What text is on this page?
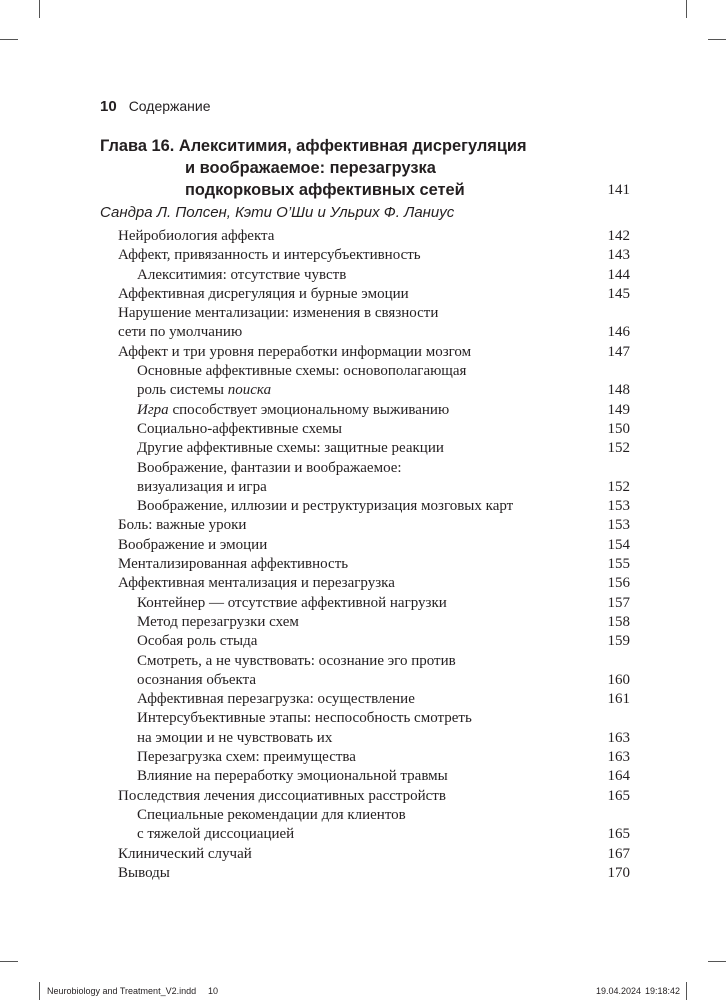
10 Содержание
Глава 16. Алекситимия, аффективная дисрегуляция
и воображаемое: перезагрузка
подкорковых аффективных сетей	141
Сандра Л. Полсен, Кэти О’Ши и Ульрих Ф. Ланиус
Нейробиология аффекта	142
Аффект, привязанность и интерсубъективность	143
Алекситимия: отсутствие чувств	144
Аффективная дисрегуляция и бурные эмоции	145
Нарушение ментализации: изменения в связности
сети по умолчанию	146
Аффект и три уровня переработки информации мозгом	147
Основные аффективные схемы: основополагающая
роль системы поиска	148
Игра способствует эмоциональному выживанию	149
Социально-аффективные схемы	150
Другие аффективные схемы: защитные реакции	152
Воображение, фантазии и воображаемое:
визуализация и игра	152
Воображение, иллюзии и реструктуризация мозговых карт	153
Боль: важные уроки	153
Воображение и эмоции	154
Ментализированная аффективность	155
Аффективная ментализация и перезагрузка	156
Контейнер — отсутствие аффективной нагрузки	157
Метод перезагрузки схем	158
Особая роль стыда	159
Смотреть, а не чувствовать: осознание эго против
осознания объекта	160
Аффективная перезагрузка: осуществление	161
Интерсубъективные этапы: неспособность смотреть
на эмоции и не чувствовать их	163
Перезагрузка схем: преимущества	163
Влияние на переработку эмоциональной травмы	164
Последствия лечения диссоциативных расстройств	165
Специальные рекомендации для клиентов
с тяжелой диссоциацией	165
Клинический случай	167
Выводы	170
Neurobiology and Treatment_V2.indd 10	19.04.2024 19:18:42
